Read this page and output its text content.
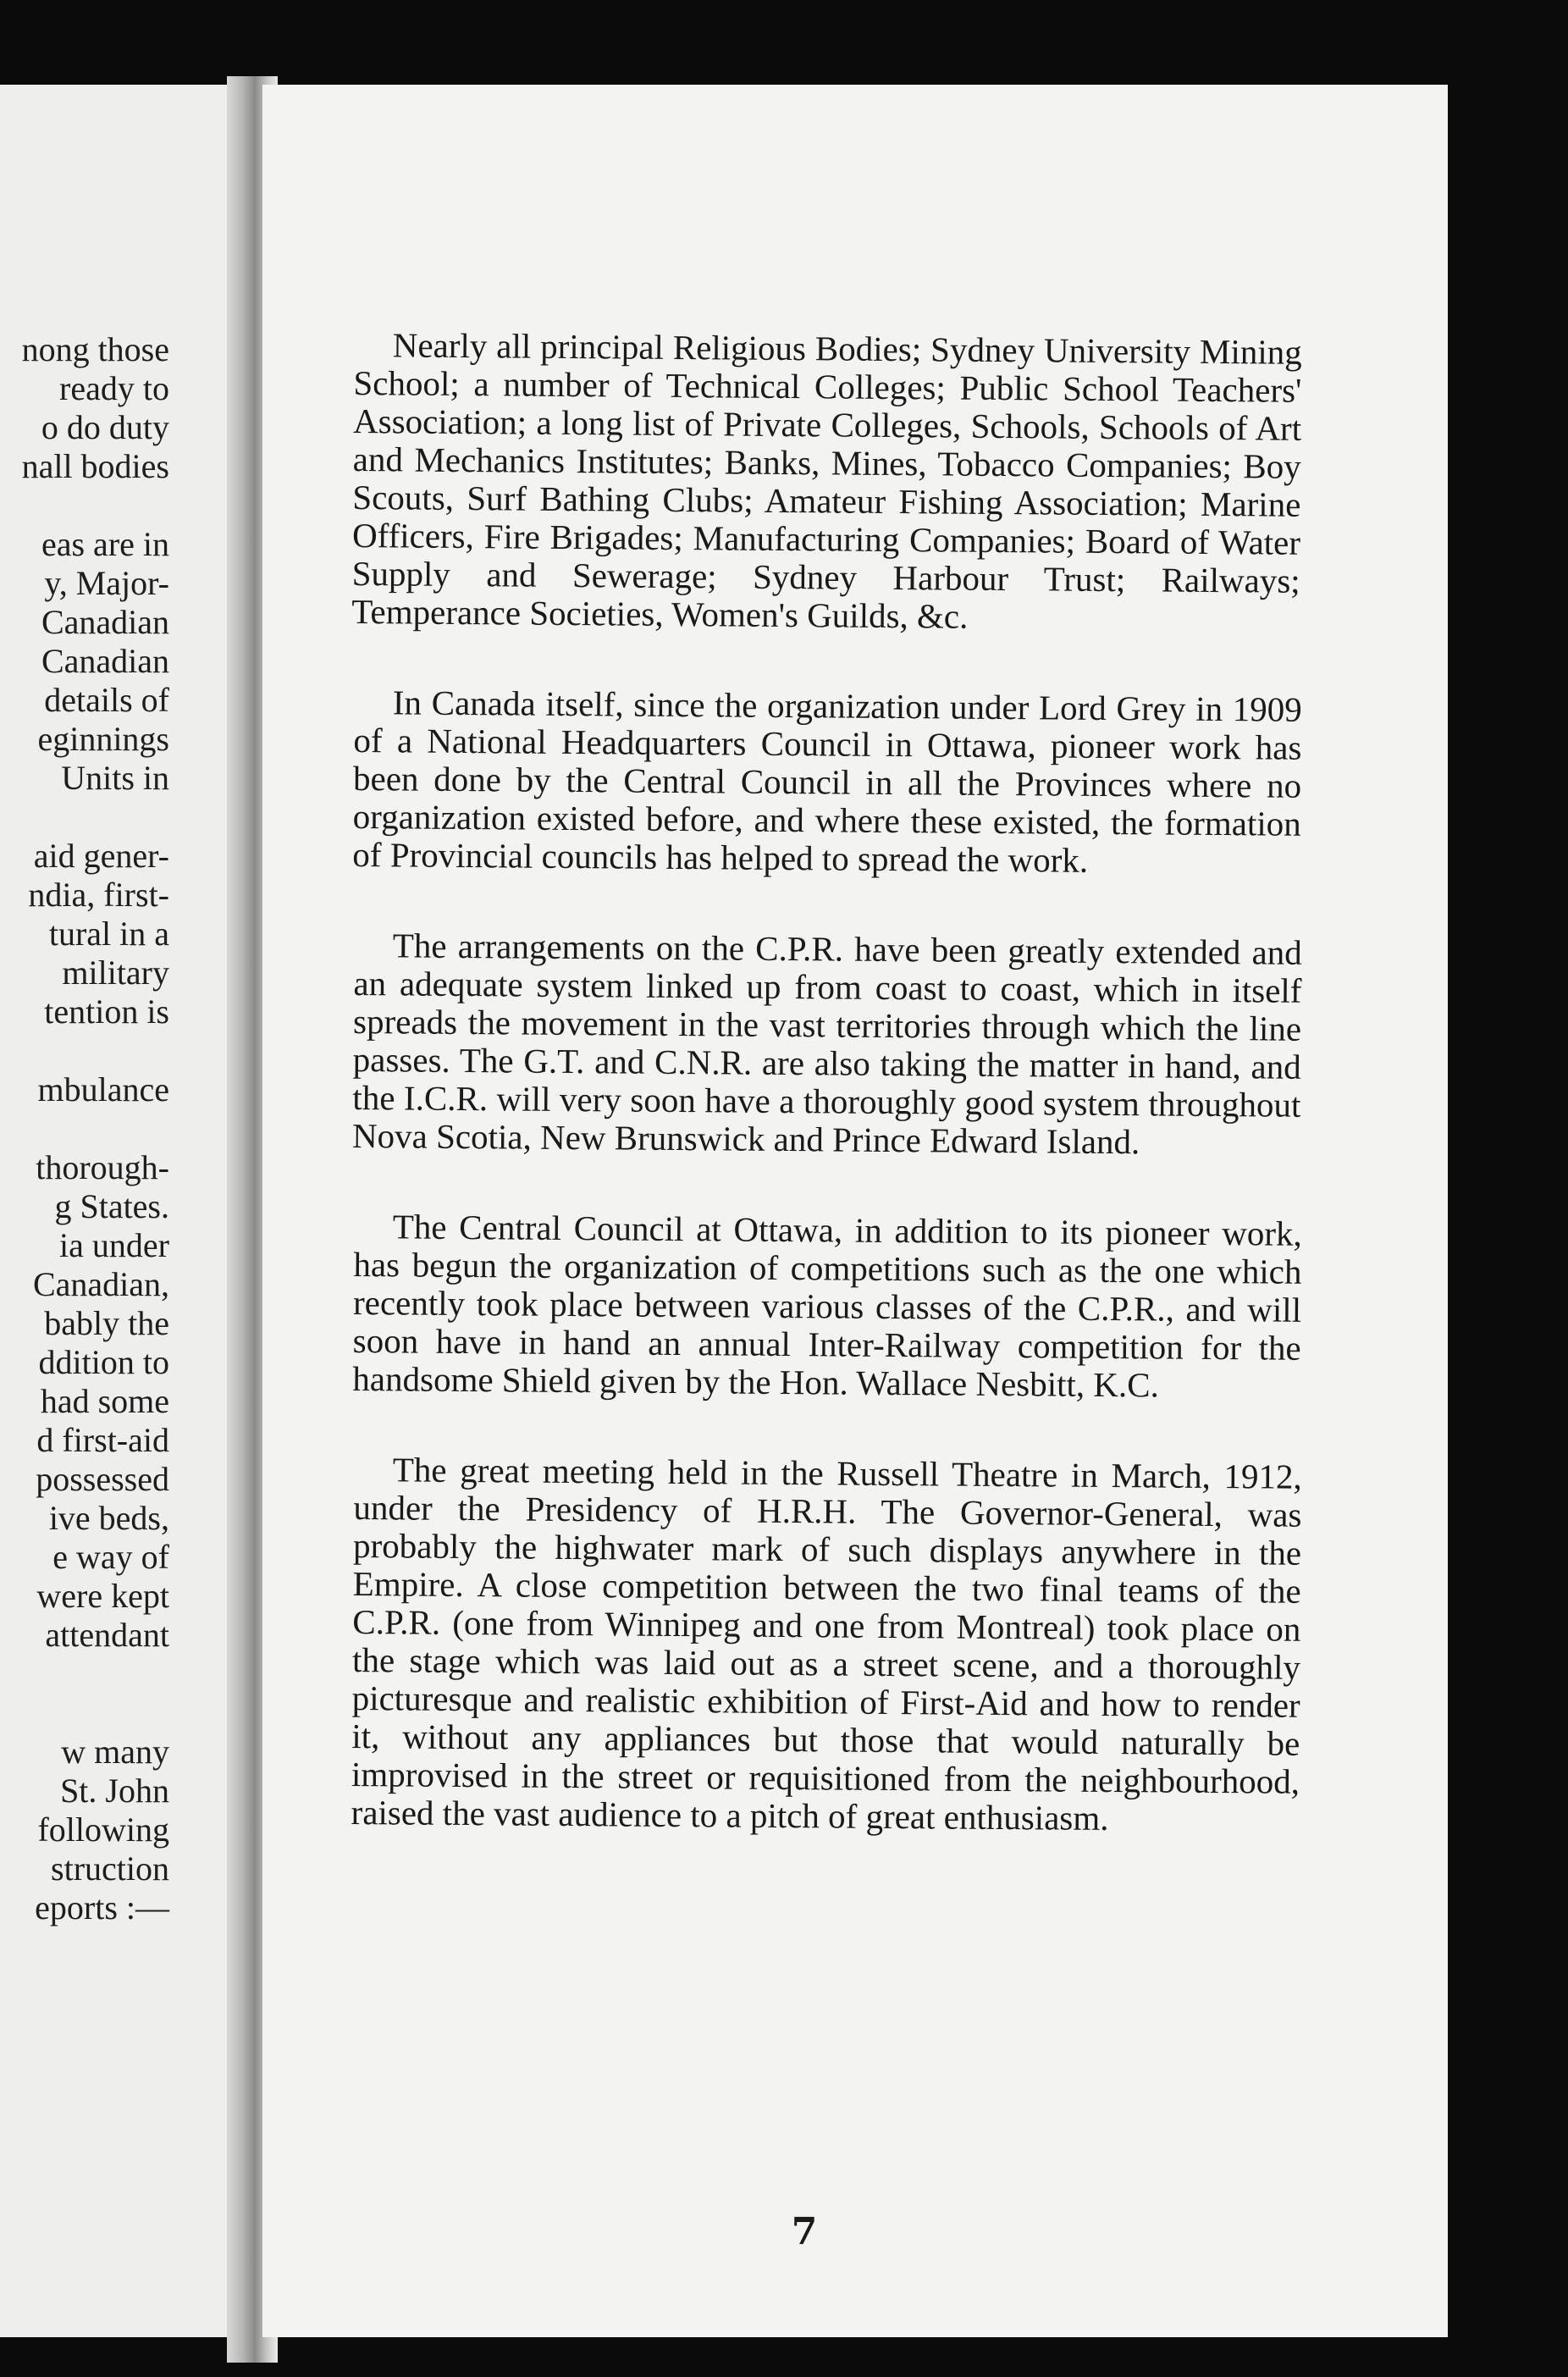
nong those
ready to
o do duty
nall bodies
eas are in
y, Major-
Canadian
Canadian
details of
eginnings
Units in
aid gener-
ndia, first-
tural in a
military
tention is
mbulance
thorough-
g States.
ia under
Canadian,
bably the
ddition to
had some
d first-aid
possessed
ive beds,
e way of
were kept
attendant
w many
St. John
following
struction
eports :—

Nearly all principal Religious Bodies; Sydney University Mining School; a number of Technical Colleges; Public School Teachers' Association; a long list of Private Colleges, Schools, Schools of Art and Mechanics Institutes; Banks, Mines, Tobacco Companies; Boy Scouts, Surf Bathing Clubs; Amateur Fishing Association; Marine Officers, Fire Brigades; Manufacturing Companies; Board of Water Supply and Sewerage; Sydney Harbour Trust; Railways; Temperance Societies, Women's Guilds, &c.

In Canada itself, since the organization under Lord Grey in 1909 of a National Headquarters Council in Ottawa, pioneer work has been done by the Central Council in all the Provinces where no organization existed before, and where these existed, the formation of Provincial councils has helped to spread the work.

The arrangements on the C.P.R. have been greatly extended and an adequate system linked up from coast to coast, which in itself spreads the movement in the vast territories through which the line passes. The G.T. and C.N.R. are also taking the matter in hand, and the I.C.R. will very soon have a thoroughly good system throughout Nova Scotia, New Brunswick and Prince Edward Island.

The Central Council at Ottawa, in addition to its pioneer work, has begun the organization of competitions such as the one which recently took place between various classes of the C.P.R., and will soon have in hand an annual Inter-Railway competition for the handsome Shield given by the Hon. Wallace Nesbitt, K.C.

The great meeting held in the Russell Theatre in March, 1912, under the Presidency of H.R.H. The Governor-General, was probably the highwater mark of such displays anywhere in the Empire. A close competition between the two final teams of the C.P.R. (one from Winnipeg and one from Montreal) took place on the stage which was laid out as a street scene, and a thoroughly picturesque and realistic exhibition of First-Aid and how to render it, without any appliances but those that would naturally be improvised in the street or requisitioned from the neighbourhood, raised the vast audience to a pitch of great enthusiasm.

7
